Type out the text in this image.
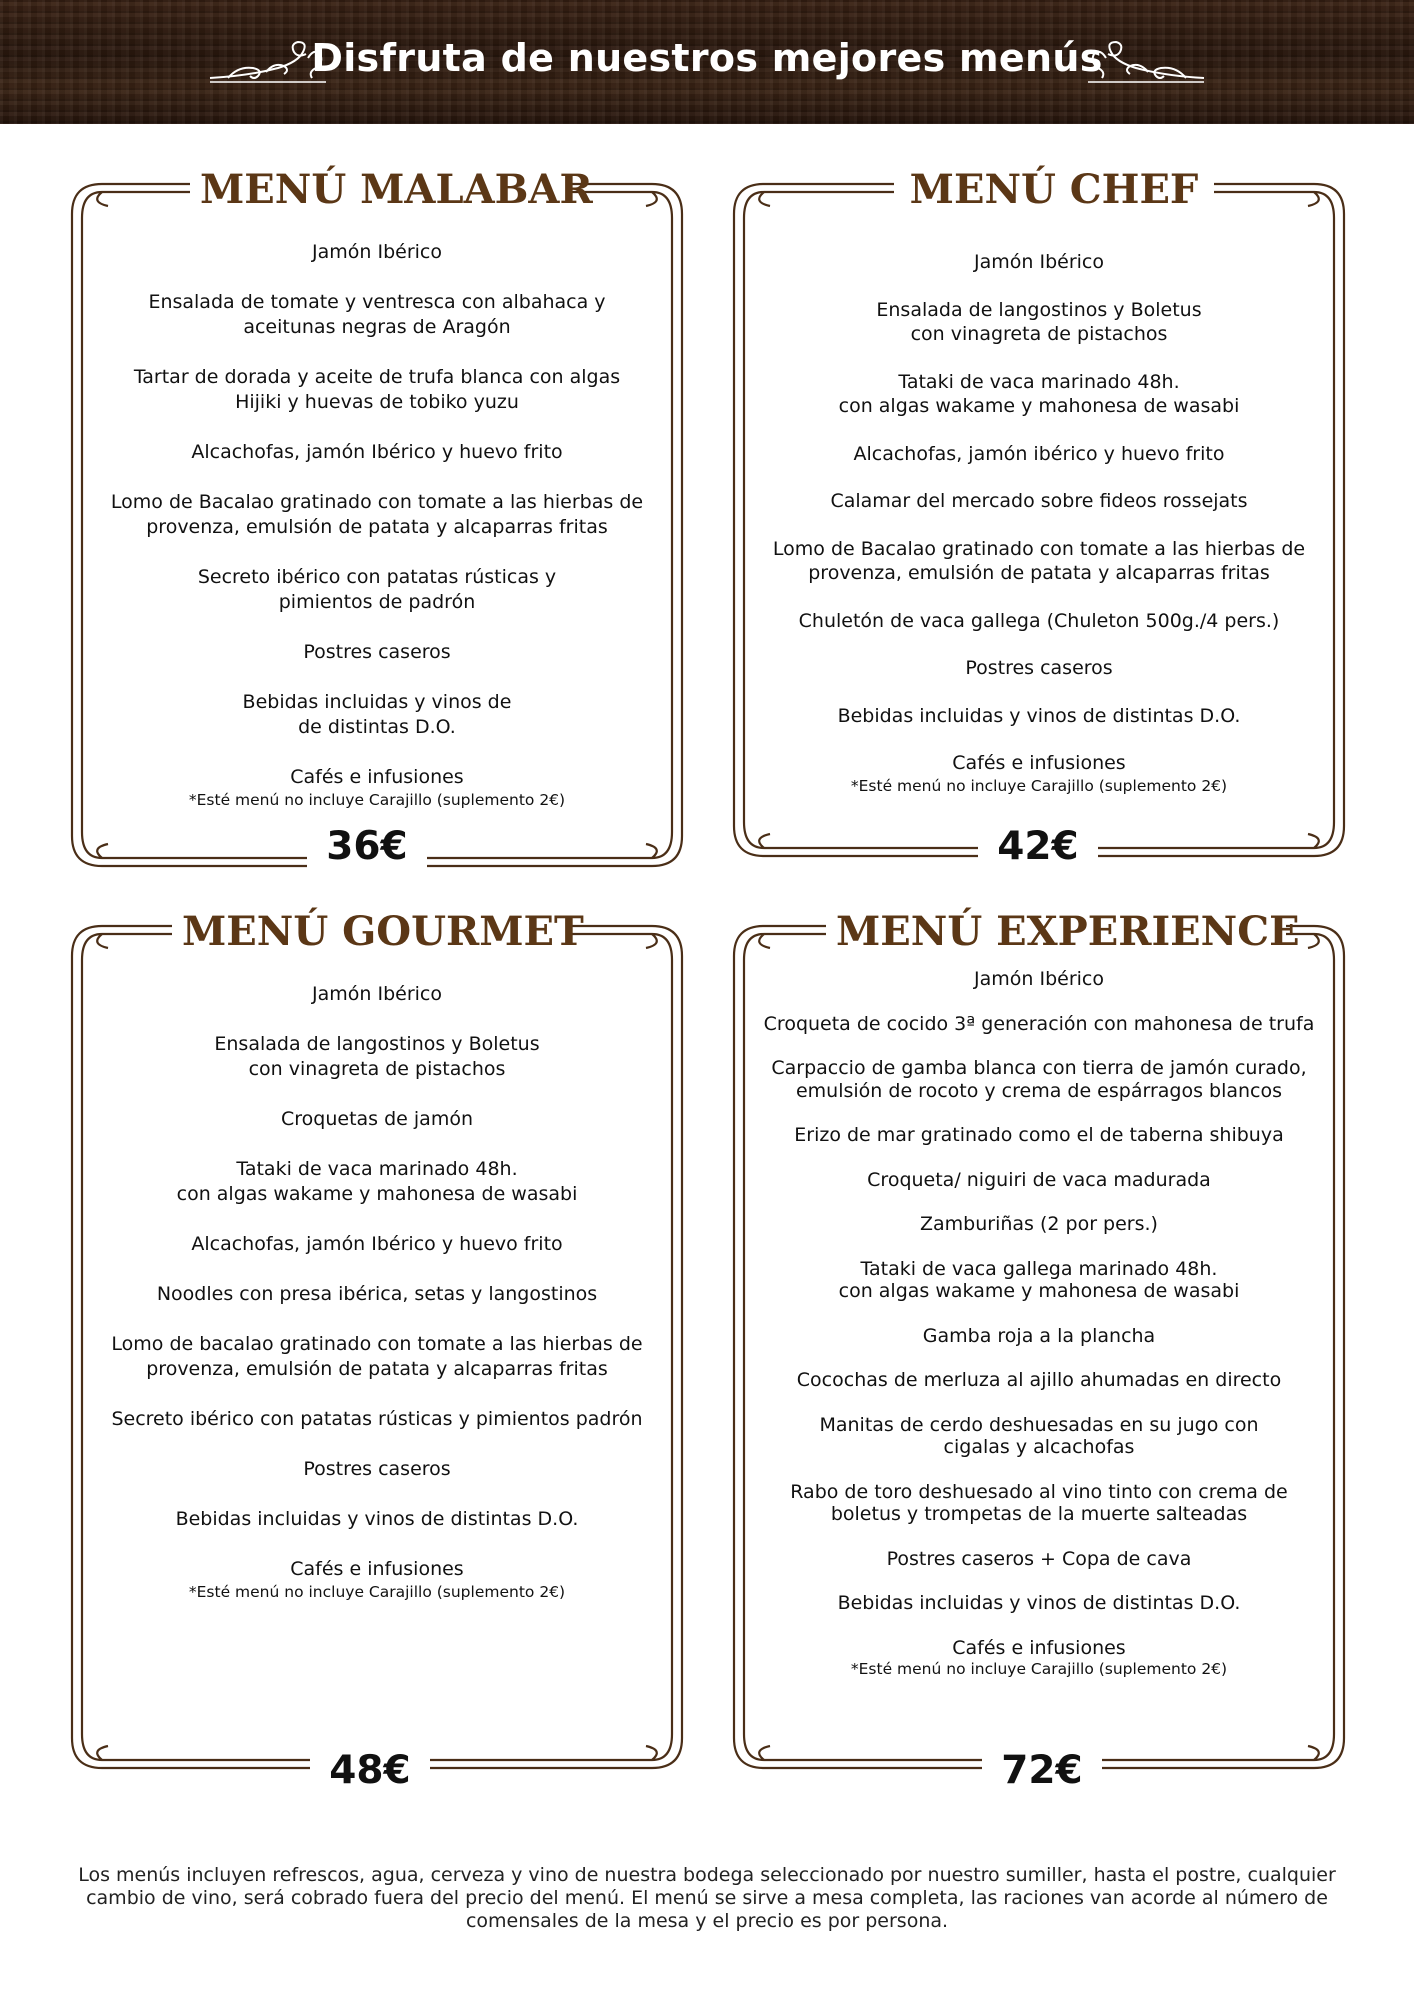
Disfruta de nuestros mejores menús
MENÚ MALABAR
Jamón Ibérico
Ensalada de tomate y ventresca con albahaca y
aceitunas negras de Aragón
Tartar de dorada y aceite de trufa blanca con algas
Hijiki y huevas de tobiko yuzu
Alcachofas, jamón Ibérico y huevo frito
Lomo de Bacalao gratinado con tomate a las hierbas de
provenza, emulsión de patata y alcaparras fritas
Secreto ibérico con patatas rústicas y
pimientos de padrón
Postres caseros
Bebidas incluidas y vinos de
de distintas D.O.
Cafés e infusiones
*Esté menú no incluye Carajillo (suplemento 2€)
36€
MENÚ CHEF
Jamón Ibérico
Ensalada de langostinos y Boletus
con vinagreta de pistachos
Tataki de vaca marinado 48h.
con algas wakame y mahonesa de wasabi
Alcachofas, jamón ibérico y huevo frito
Calamar del mercado sobre fideos rossejats
Lomo de Bacalao gratinado con tomate a las hierbas de
provenza, emulsión de patata y alcaparras fritas
Chuletón de vaca gallega (Chuleton 500g./4 pers.)
Postres caseros
Bebidas incluidas y vinos de distintas D.O.
Cafés e infusiones
*Esté menú no incluye Carajillo (suplemento 2€)
42€
MENÚ GOURMET
Jamón Ibérico
Ensalada de langostinos y Boletus
con vinagreta de pistachos
Croquetas de jamón
Tataki de vaca marinado 48h.
con algas wakame y mahonesa de wasabi
Alcachofas, jamón Ibérico y huevo frito
Noodles con presa ibérica, setas y langostinos
Lomo de bacalao gratinado con tomate a las hierbas de
provenza, emulsión de patata y alcaparras fritas
Secreto ibérico con patatas rústicas y pimientos padrón
Postres caseros
Bebidas incluidas y vinos de distintas D.O.
Cafés e infusiones
*Esté menú no incluye Carajillo (suplemento 2€)
48€
MENÚ EXPERIENCE
Jamón Ibérico
Croqueta de cocido 3ª generación con mahonesa de trufa
Carpaccio de gamba blanca con tierra de jamón curado,
emulsión de rocoto y crema de espárragos blancos
Erizo de mar gratinado como el de taberna shibuya
Croqueta/ niguiri de vaca madurada
Zamburiñas (2 por pers.)
Tataki de vaca gallega marinado 48h.
con algas wakame y mahonesa de wasabi
Gamba roja a la plancha
Cocochas de merluza al ajillo ahumadas en directo
Manitas de cerdo deshuesadas en su jugo con
cigalas y alcachofas
Rabo de toro deshuesado al vino tinto con crema de
boletus y trompetas de la muerte salteadas
Postres caseros + Copa de cava
Bebidas incluidas y vinos de distintas D.O.
Cafés e infusiones
*Esté menú no incluye Carajillo (suplemento 2€)
72€
Los menús incluyen refrescos, agua, cerveza y vino de nuestra bodega seleccionado por nuestro sumiller, hasta el postre, cualquier cambio de vino, será cobrado fuera del precio del menú. El menú se sirve a mesa completa, las raciones van acorde al número de comensales de la mesa y el precio es por persona.
